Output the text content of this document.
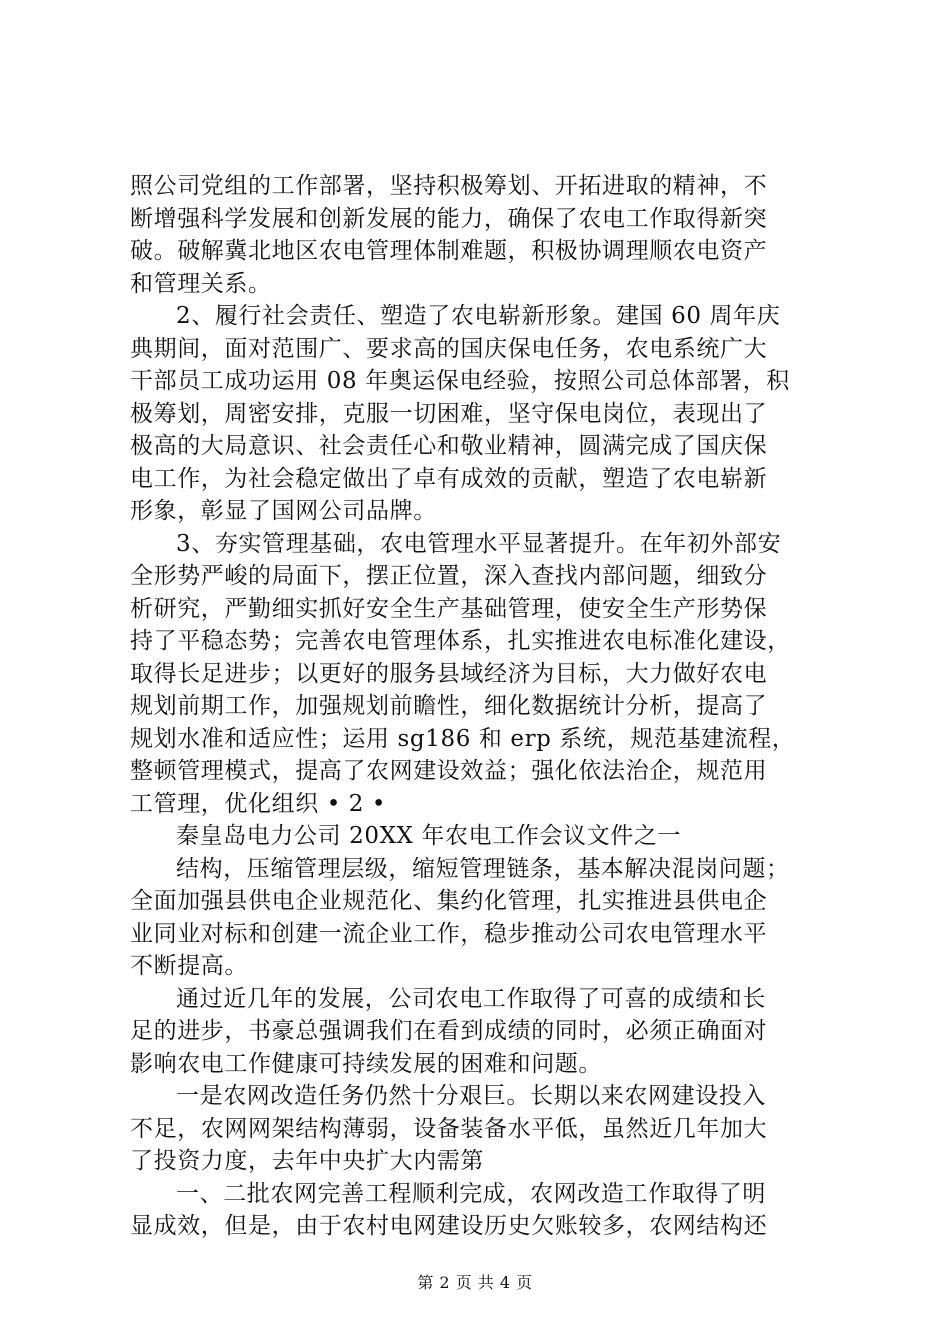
照公司党组的工作部署，坚持积极筹划、开拓进取的精神，不
断增强科学发展和创新发展的能力，确保了农电工作取得新突
破。破解冀北地区农电管理体制难题，积极协调理顺农电资产
和管理关系。
2、履行社会责任、塑造了农电崭新形象。建国 60 周年庆
典期间，面对范围广、要求高的国庆保电任务，农电系统广大
干部员工成功运用 08 年奥运保电经验，按照公司总体部署，积
极筹划，周密安排，克服一切困难，坚守保电岗位，表现出了
极高的大局意识、社会责任心和敬业精神，圆满完成了国庆保
电工作，为社会稳定做出了卓有成效的贡献，塑造了农电崭新
形象，彰显了国网公司品牌。
3、夯实管理基础，农电管理水平显著提升。在年初外部安
全形势严峻的局面下，摆正位置，深入查找内部问题，细致分
析研究，严勤细实抓好安全生产基础管理，使安全生产形势保
持了平稳态势；完善农电管理体系，扎实推进农电标准化建设，
取得长足进步；以更好的服务县域经济为目标，大力做好农电
规划前期工作，加强规划前瞻性，细化数据统计分析，提高了
规划水准和适应性；运用 sg186 和 erp 系统，规范基建流程，
整顿管理模式，提高了农网建设效益；强化依法治企，规范用
工管理，优化组织 • 2 •
秦皇岛电力公司 20XX 年农电工作会议文件之一
结构，压缩管理层级，缩短管理链条，基本解决混岗问题；
全面加强县供电企业规范化、集约化管理，扎实推进县供电企
业同业对标和创建一流企业工作，稳步推动公司农电管理水平
不断提高。
通过近几年的发展，公司农电工作取得了可喜的成绩和长
足的进步，书豪总强调我们在看到成绩的同时，必须正确面对
影响农电工作健康可持续发展的困难和问题。
一是农网改造任务仍然十分艰巨。长期以来农网建设投入
不足，农网网架结构薄弱，设备装备水平低，虽然近几年加大
了投资力度，去年中央扩大内需第
一、二批农网完善工程顺利完成，农网改造工作取得了明
显成效，但是，由于农村电网建设历史欠账较多，农网结构还
第 2 页 共 4 页
